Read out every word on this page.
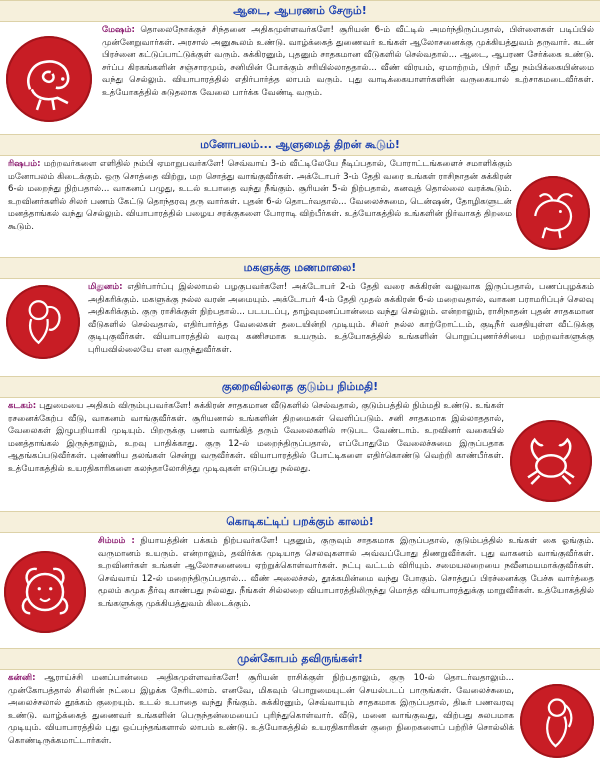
ஆடை, ஆபரணம் சேரும்!
மேஷம்: தொலைநோக்குச் சிந்தனை அதிகமுள்ளவர்களே! சூரியன் 6-ம் வீட்டில் அமர்ந்திருப்பதால், பிள்ளைகள் படிப்பில் முன்னேறுவார்கள். அரசால் அனுகூலம் உண்டு. வாழ்க்கைத் துணைவர் உங்கள் ஆலோசனைக்கு முக்கியத்துவம் தருவார். கடன் பிரச்னை கட்டுப்பாட்டுக்குள் வரும். சுக்கிரனும், புதனும் சாதகமான வீடுகளில் செல்வதால்... ஆடை, ஆபரண சேர்க்கை உண்டு. சர்ப்ப கிரகங்களின் சஞ்சாரமும், சனியின் போக்கும் சரியில்லாததால்... வீண் விரயம், ஏமாற்றம், பிறர் மீது நம்பிக்கையின்மை வந்து செல்லும். வியாபாரத்தில் எதிர்பார்த்த லாபம் வரும். புது வாடிக்கையாளர்களின் வருகையால் உற்சாகமடைவீர்கள். உத்யோகத்தில் சுடுதலாக வேலை பார்க்க வேண்டி வரும்.
மனோபலம்... ஆளுமைத் திறன் கூடும்!
ரிஷபம்: மற்றவர்களை எளிதில் நம்பி ஏமாறுபவர்களே! செவ்வாய் 3-ம் வீட்டிலேயே நீடிப்பதால், போராட்டங்களைச் சமாளிக்கும் மனோபலம் கிடைக்கும். ஒரு சொத்தை விற்று, மற சொத்து வாங்குவீர்கள். அக்டோபர் 3-ம் தேதி வரை உங்கள் ராசிநாதன் சுக்கிரன் 6-ல் மறைந்து நிற்பதால்... வாகனப் பழுது, உடல் உபாதை வந்து நீங்கும். சூரியன் 5-ல் நிற்பதால், கனவுத் தொல்லை வரக்கூடும். உறவினர்களில் சிலர் பணம் கேட்டு தொந்தரவு தரு வார்கள். புதன் 6-ல் தொடர்வதால்... வேலைச்சுமை, டென்ஷன், தோழிகளுடன் மனத்தாங்கல் வந்து செல்லும். வியாபாரத்தில் பழைய சரக்குகளை போராடி விற்பீர்கள். உத்யோகத்தில் உங்களின் நிர்வாகத் திறமை கூடும்.
மகளுக்கு மணமாலை!
மிதுனம்: எதிர்பார்ப்பு இல்லாமல் பழகுபவர்களே! அக்டோபர் 2-ம் தேதி வரை சுக்கிரன் வலுவாக இருப்பதால், பணப்புழக்கம் அதிகரிக்கும். மகளுக்கு நல்ல வரன் அமையும். அக்டோபர் 4-ம் தேதி முதல் சுக்கிரன் 6-ல் மறைவதால், வாகன பராமரிப்புச் செலவு அதிகரிக்கும். குரு ராசிக்குள் நிற்பதால்... படபடப்பு, தாழ்வுமனப்பான்மை வந்து செல்லும். என்றாலும், ராசிநாதன் புதன் சாதகமான வீடுகளில் செல்வதால், எதிர்பார்த்த வேலைகள் தடையின்றி முடியும். சிலர் நல்ல காற்றோட்டம், குடிநீர் வசதியுள்ள வீட்டுக்கு குடிபுகுவீர்கள். வியாபாரத்தில் வரவு கணிசமாக உயரும். உத்யோகத்தில் உங்களின் பொறுப்புணர்ச்சியை மற்றவர்களுக்கு புரியவில்லையே என வருந்துவீர்கள்.
குறைவில்லாத குடும்ப நிம்மதி!
கடகம்: புதுமையை அதிகம் விரும்புபவர்களே! சுக்கிரன் சாதகமான வீடுகளில் செல்வதால், குடும்பத்தில் நிம்மதி உண்டு. உங்கள் ரசனைக்கேற்ப வீடு, வாகனம் வாங்குவீர்கள். சூரியனால் உங்களின் திறமைகள் வெளிப்படும். சனி சாதகமாக இல்லாததால், வேலைகள் இழுபறியாகி முடியும். பிறருக்கு பணம் வாங்கித் தரும் வேலைகளில் ஈடுபட வேண்டாம். உறவினர் வகையில் மனத்தாங்கல் இருந்தாலும், உறவு பாதிக்காது. குரு 12-ல் மறைந்திருப்பதால், எப்போதுமே வேலைச்சுமை இருப்பதாக ஆதங்கப்படுவீர்கள். புண்ணிய தலங்கள் சென்று வருவீர்கள். வியாபாரத்தில் போட்டிகளை எதிர்கொண்டு வெற்றி காண்பீர்கள். உத்யோகத்தில் உயரதிகாரிகளை கலந்தாலோசித்து முடிவுகள் எடுப்பது நல்லது.
கொடிகட்டிப் பறக்கும் காலம்!
சிம்மம் : நியாயத்தின் பக்கம் நிற்பவர்களே! புதனும், குருவும் சாதகமாக இருப்பதால், குடும்பத்தில் உங்கள் கை ஓங்கும். வருமானம் உயரும். என்றாலும், தவிர்க்க முடியாத செலவுகளால் அவ்வப்போது திணறுவீர்கள். புது வாகனம் வாங்குவீர்கள். உறவினர்கள் உங்கள் ஆலோசனையை ஏற்றுக்கொள்வார்கள். நட்பு வட்டம் விரியும். சமையலறையை நவீனமயமாக்குவீர்கள். செவ்வாய் 12-ல் மறைந்திருப்பதால்... வீண் அலைச்சல், தூக்கமின்மை வந்து போகும். சொத்துப் பிரச்னைக்கு பேச்சு வார்த்தை மூலம் சுமுக தீர்வு காண்பது நல்லது. நீங்கள் சில்லறை வியாபாரத்திலிருந்து மொத்த வியாபாரத்துக்கு மாறுவீர்கள். உத்யோகத்தில் உங்களுக்கு முக்கியத்துவம் கிடைக்கும்.
முன்கோபம் தவிருங்கள்!
கன்னி: ஆராய்ச்சி மனப்பான்மை அதிகமுள்ளவர்களே! சூரியன் ராசிக்குள் நிற்பதாலும், குரு 10-ல் தொடர்வதாலும்... முன்கோபத்தால் சிலரின் நட்பை இழக்க நேரிடலாம். எனவே, மிகவும் பொறுமையுடன் செயல்படப் பாருங்கள். வேலைச்சுமை, அலைச்சலால் தூக்கம் குறையும். உடல் உபாதை வந்து நீங்கும். சுக்கிரனும், செவ்வாயும் சாதகமாக இருப்பதால், திடீர் பணவரவு உண்டு. வாழ்க்கைத் துணைவர் உங்களின் பெருந்தன்மையைப் புரிந்துகொள்வார். வீடு, மனை வாங்குவது, விற்பது சுலபமாக முடியும். வியாபாரத்தில் புது ஒப்பந்தங்களால் லாபம் உண்டு. உத்யோகத்தில் உயரதிகாரிகள் குறை நிறைகளைப் பற்றிச் சொல்லிக் கொண்டிருக்கமாட்டார்கள்.
